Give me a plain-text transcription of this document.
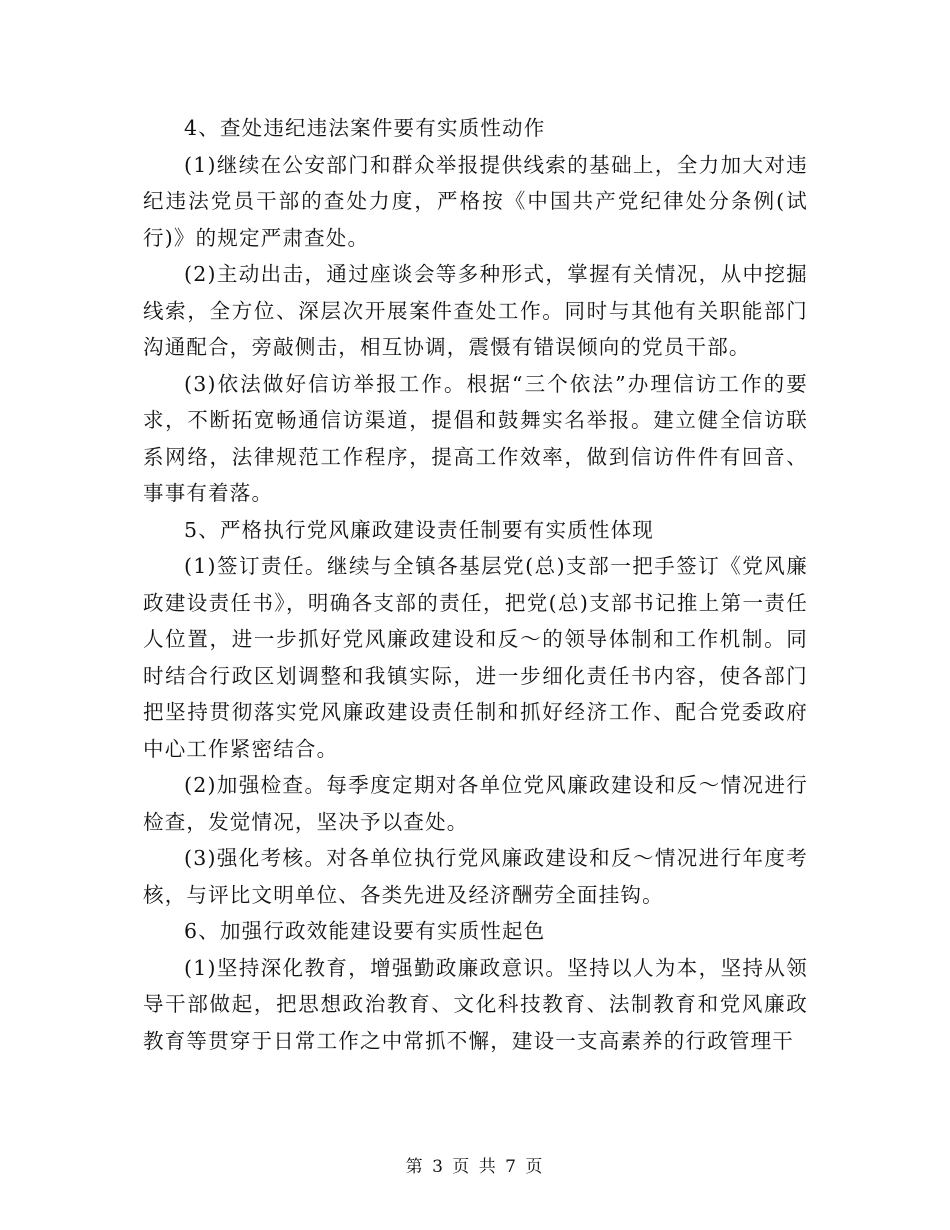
4、查处违纪违法案件要有实质性动作

(1)继续在公安部门和群众举报提供线索的基础上，全力加大对违纪违法党员干部的查处力度，严格按《中国共产党纪律处分条例(试行)》的规定严肃查处。

(2)主动出击，通过座谈会等多种形式，掌握有关情况，从中挖掘线索，全方位、深层次开展案件查处工作。同时与其他有关职能部门沟通配合，旁敲侧击，相互协调，震慑有错误倾向的党员干部。

(3)依法做好信访举报工作。根据“三个依法”办理信访工作的要求，不断拓宽畅通信访渠道，提倡和鼓舞实名举报。建立健全信访联系网络，法律规范工作程序，提高工作效率，做到信访件件有回音、事事有着落。

5、严格执行党风廉政建设责任制要有实质性体现

(1)签订责任。继续与全镇各基层党(总)支部一把手签订《党风廉政建设责任书》，明确各支部的责任，把党(总)支部书记推上第一责任人位置，进一步抓好党风廉政建设和反～的领导体制和工作机制。同时结合行政区划调整和我镇实际，进一步细化责任书内容，使各部门把坚持贯彻落实党风廉政建设责任制和抓好经济工作、配合党委政府中心工作紧密结合。

(2)加强检查。每季度定期对各单位党风廉政建设和反～情况进行检查，发觉情况，坚决予以查处。

(3)强化考核。对各单位执行党风廉政建设和反～情况进行年度考核，与评比文明单位、各类先进及经济酬劳全面挂钩。

6、加强行政效能建设要有实质性起色

(1)坚持深化教育，增强勤政廉政意识。坚持以人为本，坚持从领导干部做起，把思想政治教育、文化科技教育、法制教育和党风廉政教育等贯穿于日常工作之中常抓不懈，建设一支高素养的行政管理干

第 3 页 共 7 页
